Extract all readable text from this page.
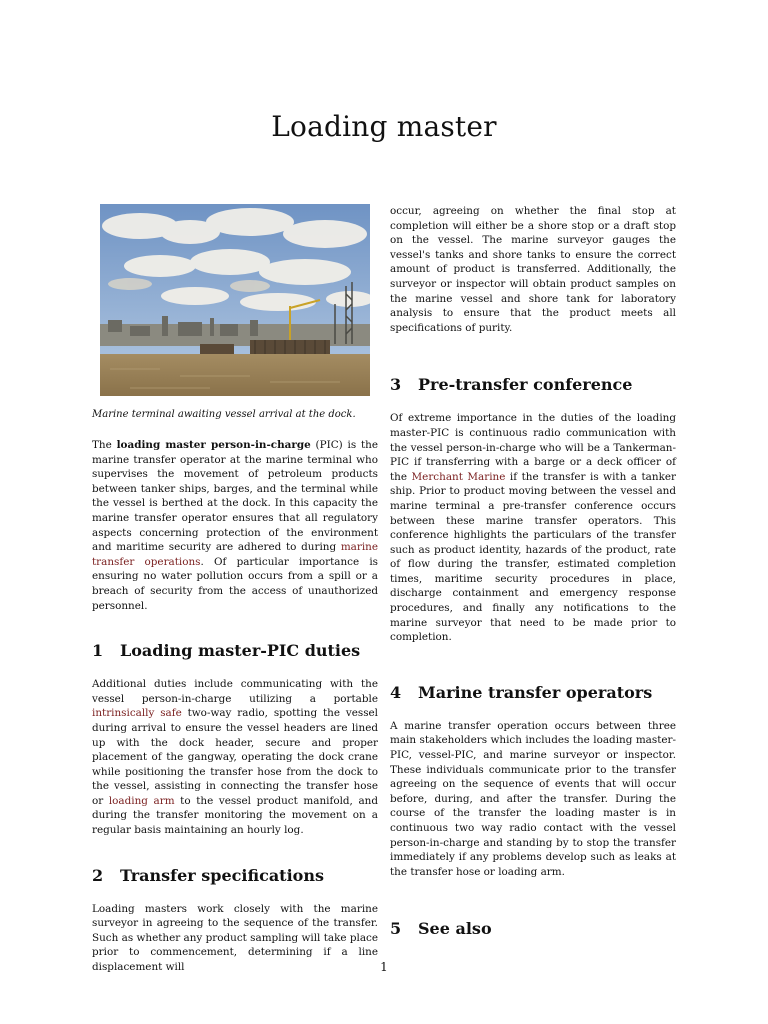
Loading master

Marine terminal awaiting vessel arrival at the dock.

The loading master person-in-charge (PIC) is the marine transfer operator at the marine terminal who supervises the movement of petroleum products between tanker ships, barges, and the terminal while the vessel is berthed at the dock. In this capacity the marine transfer operator ensures that all regulatory aspects concerning protection of the environment and maritime security are adhered to during marine transfer operations. Of particular importance is ensuring no water pollution occurs from a spill or a breach of security from the access of unauthorized personnel.

1 Loading master-PIC duties

Additional duties include communicating with the vessel person-in-charge utilizing a portable intrinsically safe two-way radio, spotting the vessel during arrival to ensure the vessel headers are lined up with the dock header, secure and proper placement of the gangway, operating the dock crane while positioning the transfer hose from the dock to the vessel, assisting in connecting the transfer hose or loading arm to the vessel product manifold, and during the transfer monitoring the movement on a regular basis maintaining an hourly log.

2 Transfer specifications

Loading masters work closely with the marine surveyor in agreeing to the sequence of the transfer. Such as whether any product sampling will take place prior to commencement, determining if a line displacement will

occur, agreeing on whether the final stop at completion will either be a shore stop or a draft stop on the vessel. The marine surveyor gauges the vessel's tanks and shore tanks to ensure the correct amount of product is transferred. Additionally, the surveyor or inspector will obtain product samples on the marine vessel and shore tank for laboratory analysis to ensure that the product meets all specifications of purity.

3 Pre-transfer conference

Of extreme importance in the duties of the loading master-PIC is continuous radio communication with the vessel person-in-charge who will be a Tankerman-PIC if transferring with a barge or a deck officer of the Merchant Marine if the transfer is with a tanker ship. Prior to product moving between the vessel and marine terminal a pre-transfer conference occurs between these marine transfer operators. This conference highlights the particulars of the transfer such as product identity, hazards of the product, rate of flow during the transfer, estimated completion times, maritime security procedures in place, discharge containment and emergency response procedures, and finally any notifications to the marine surveyor that need to be made prior to completion.

4 Marine transfer operators

A marine transfer operation occurs between three main stakeholders which includes the loading master-PIC, vessel-PIC, and marine surveyor or inspector. These individuals communicate prior to the transfer agreeing on the sequence of events that will occur before, during, and after the transfer. During the course of the transfer the loading master is in continuous two way radio contact with the vessel person-in-charge and standing by to stop the transfer immediately if any problems develop such as leaks at the transfer hose or loading arm.

5 See also
1
